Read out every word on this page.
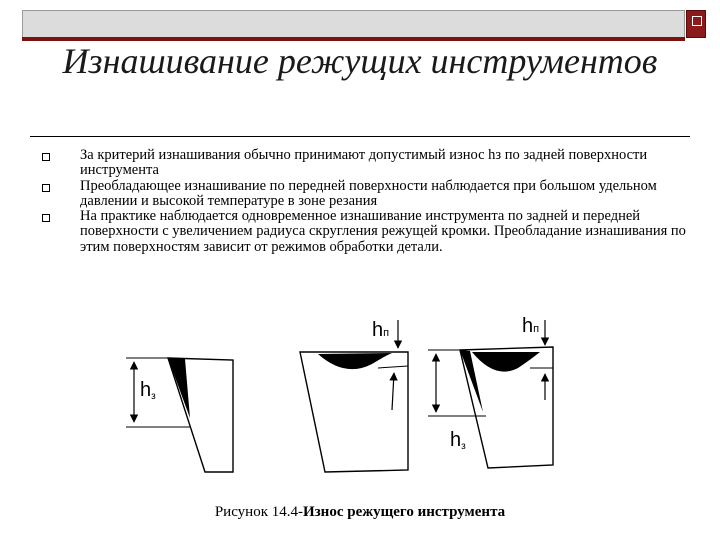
Изнашивание режущих инструментов
За критерий изнашивания обычно принимают допустимый износ hз по задней поверхности инструмента
Преобладающее изнашивание по передней поверхности наблюдается при большом удельном давлении и высокой температуре в зоне резания
На практике наблюдается одновременное изнашивание инструмента по задней и передней поверхности с увеличением радиуса скругления режущей кромки. Преобладание изнашивания по этим поверхностям зависит от режимов обработки детали.
hз
hп	hп
hз
Рисунок 14.4-Износ режущего инструмента
